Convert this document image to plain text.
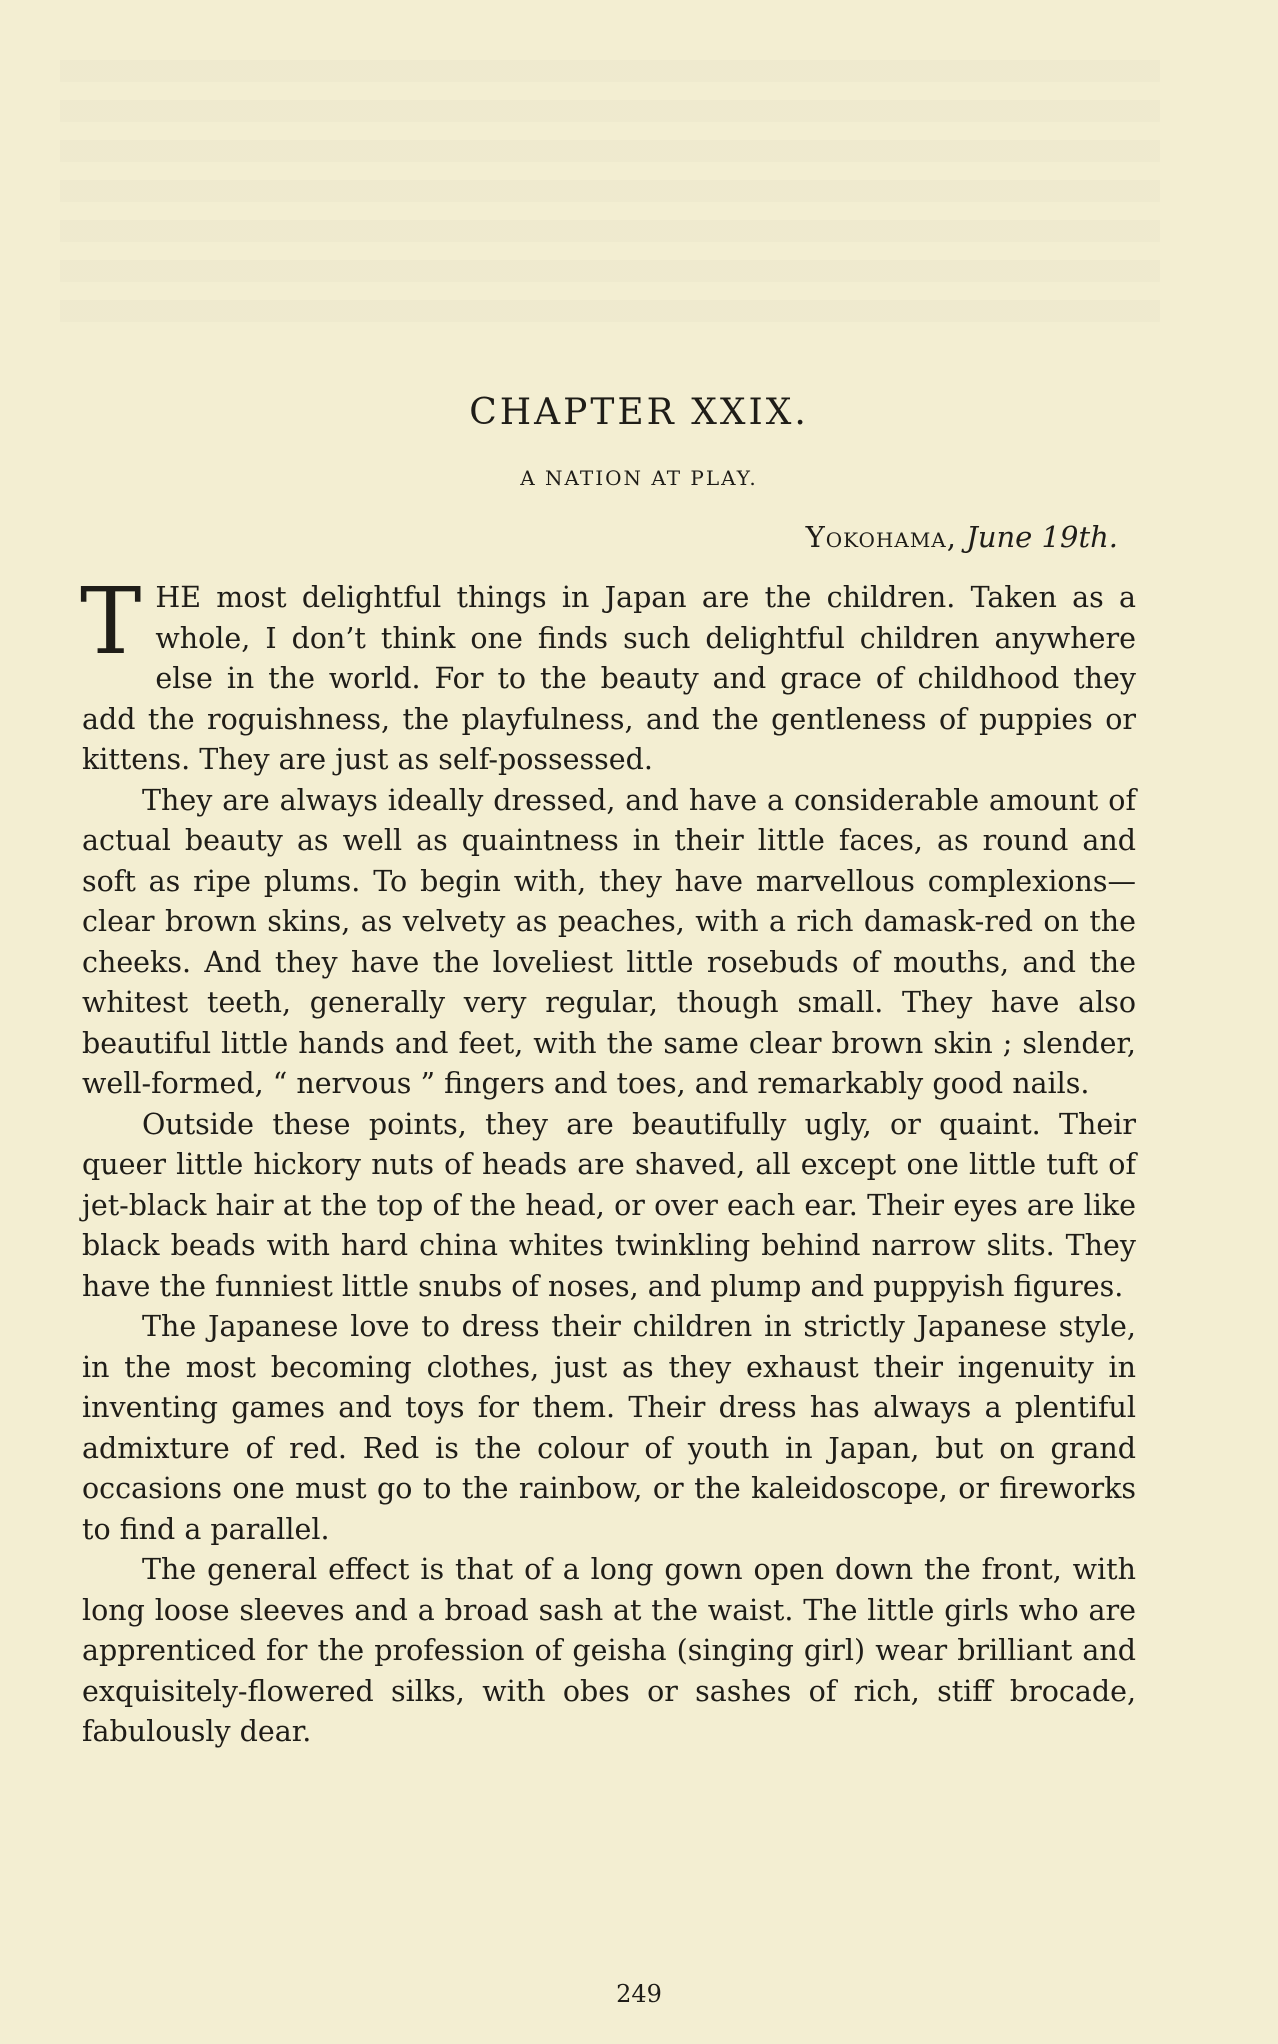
CHAPTER XXIX.
A NATION AT PLAY.
Yokohama, June 19th.

THE most delightful things in Japan are the children. Taken as a whole, I don’t think one finds such delightful children anywhere else in the world. For to the beauty and grace of childhood they add the roguishness, the playfulness, and the gentleness of puppies or kittens. They are just as self-possessed.

They are always ideally dressed, and have a considerable amount of actual beauty as well as quaintness in their little faces, as round and soft as ripe plums. To begin with, they have marvellous complexions—clear brown skins, as velvety as peaches, with a rich damask-red on the cheeks. And they have the loveliest little rosebuds of mouths, and the whitest teeth, generally very regular, though small. They have also beautiful little hands and feet, with the same clear brown skin ; slender, well-formed, “ nervous ” fingers and toes, and remarkably good nails.

Outside these points, they are beautifully ugly, or quaint. Their queer little hickory nuts of heads are shaved, all except one little tuft of jet-black hair at the top of the head, or over each ear. Their eyes are like black beads with hard china whites twinkling behind narrow slits. They have the funniest little snubs of noses, and plump and puppyish figures.

The Japanese love to dress their children in strictly Japanese style, in the most becoming clothes, just as they exhaust their ingenuity in inventing games and toys for them. Their dress has always a plentiful admixture of red. Red is the colour of youth in Japan, but on grand occasions one must go to the rainbow, or the kaleidoscope, or fireworks to find a parallel.

The general effect is that of a long gown open down the front, with long loose sleeves and a broad sash at the waist. The little girls who are apprenticed for the profession of geisha (singing girl) wear brilliant and exquisitely-flowered silks, with obes or sashes of rich, stiff brocade, fabulously dear.

249
